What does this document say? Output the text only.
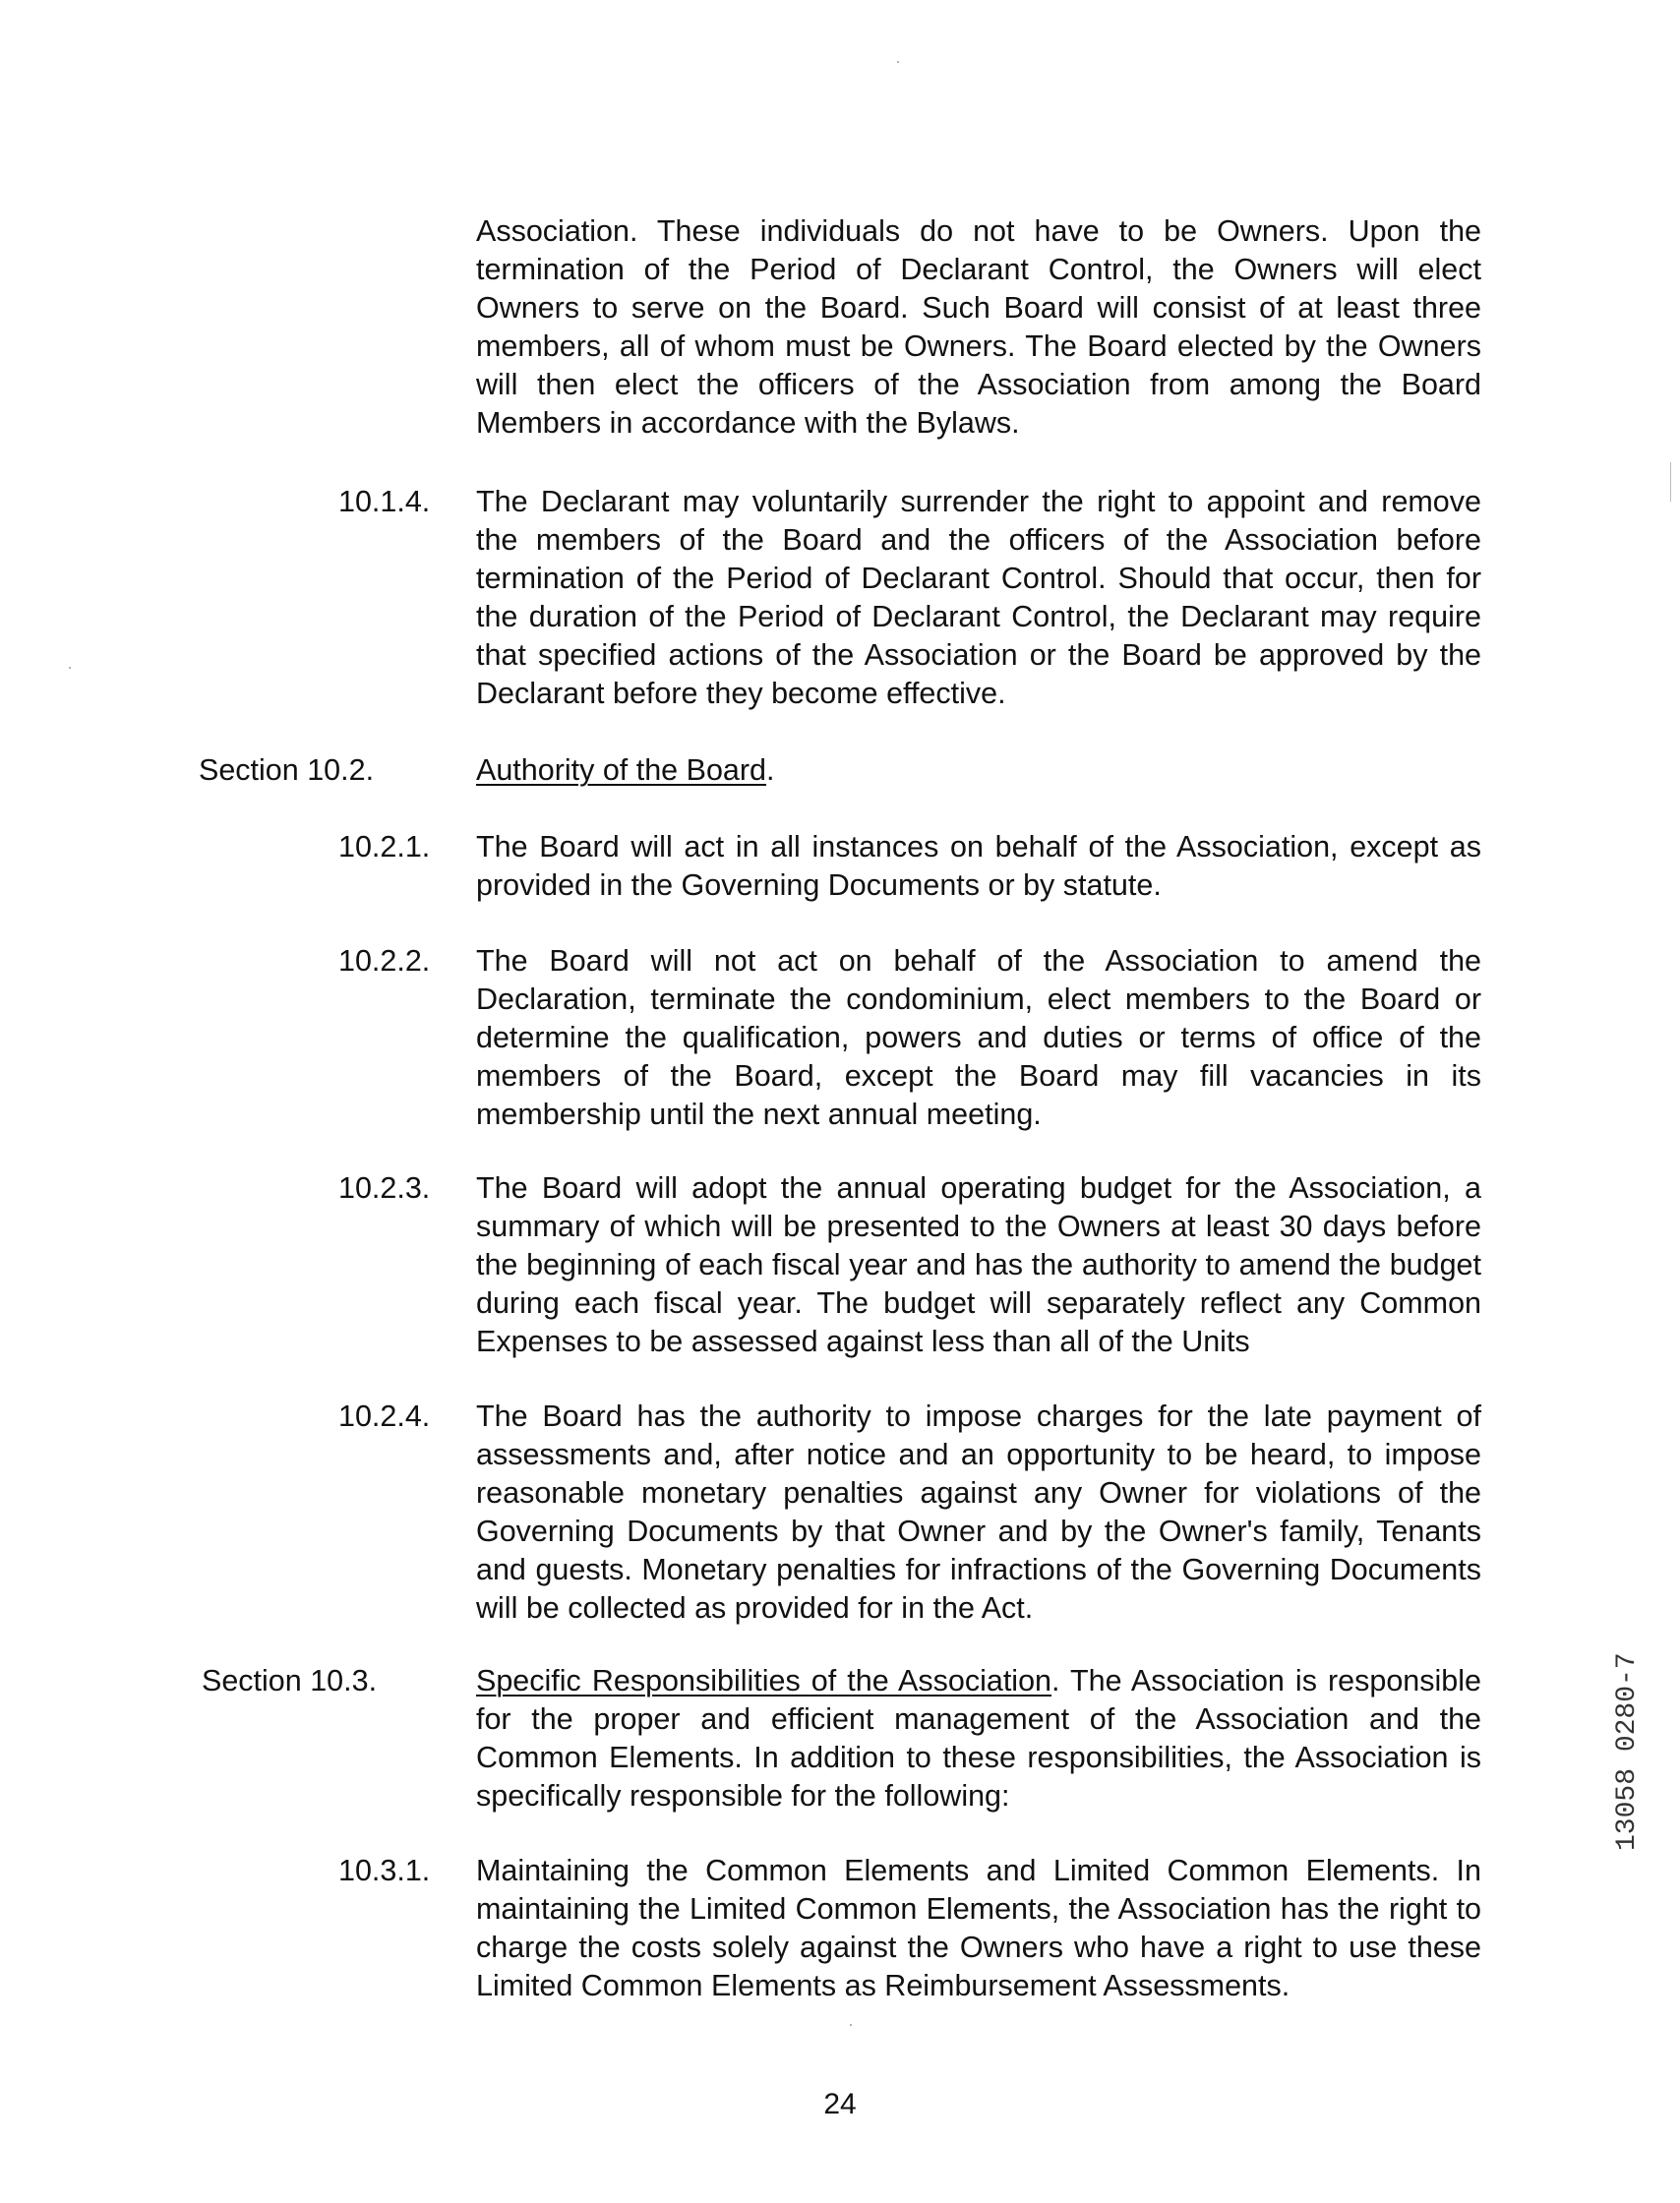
Association. These individuals do not have to be Owners. Upon the termination of the Period of Declarant Control, the Owners will elect Owners to serve on the Board. Such Board will consist of at least three members, all of whom must be Owners. The Board elected by the Owners will then elect the officers of the Association from among the Board Members in accordance with the Bylaws.
10.1.4. The Declarant may voluntarily surrender the right to appoint and remove the members of the Board and the officers of the Association before termination of the Period of Declarant Control. Should that occur, then for the duration of the Period of Declarant Control, the Declarant may require that specified actions of the Association or the Board be approved by the Declarant before they become effective.
Section 10.2.	Authority of the Board.
10.2.1. The Board will act in all instances on behalf of the Association, except as provided in the Governing Documents or by statute.
10.2.2. The Board will not act on behalf of the Association to amend the Declaration, terminate the condominium, elect members to the Board or determine the qualification, powers and duties or terms of office of the members of the Board, except the Board may fill vacancies in its membership until the next annual meeting.
10.2.3. The Board will adopt the annual operating budget for the Association, a summary of which will be presented to the Owners at least 30 days before the beginning of each fiscal year and has the authority to amend the budget during each fiscal year. The budget will separately reflect any Common Expenses to be assessed against less than all of the Units
10.2.4. The Board has the authority to impose charges for the late payment of assessments and, after notice and an opportunity to be heard, to impose reasonable monetary penalties against any Owner for violations of the Governing Documents by that Owner and by the Owner's family, Tenants and guests. Monetary penalties for infractions of the Governing Documents will be collected as provided for in the Act.
Section 10.3.	Specific Responsibilities of the Association. The Association is responsible for the proper and efficient management of the Association and the Common Elements. In addition to these responsibilities, the Association is specifically responsible for the following:
10.3.1. Maintaining the Common Elements and Limited Common Elements. In maintaining the Limited Common Elements, the Association has the right to charge the costs solely against the Owners who have a right to use these Limited Common Elements as Reimbursement Assessments.
13058 0280-7
24
